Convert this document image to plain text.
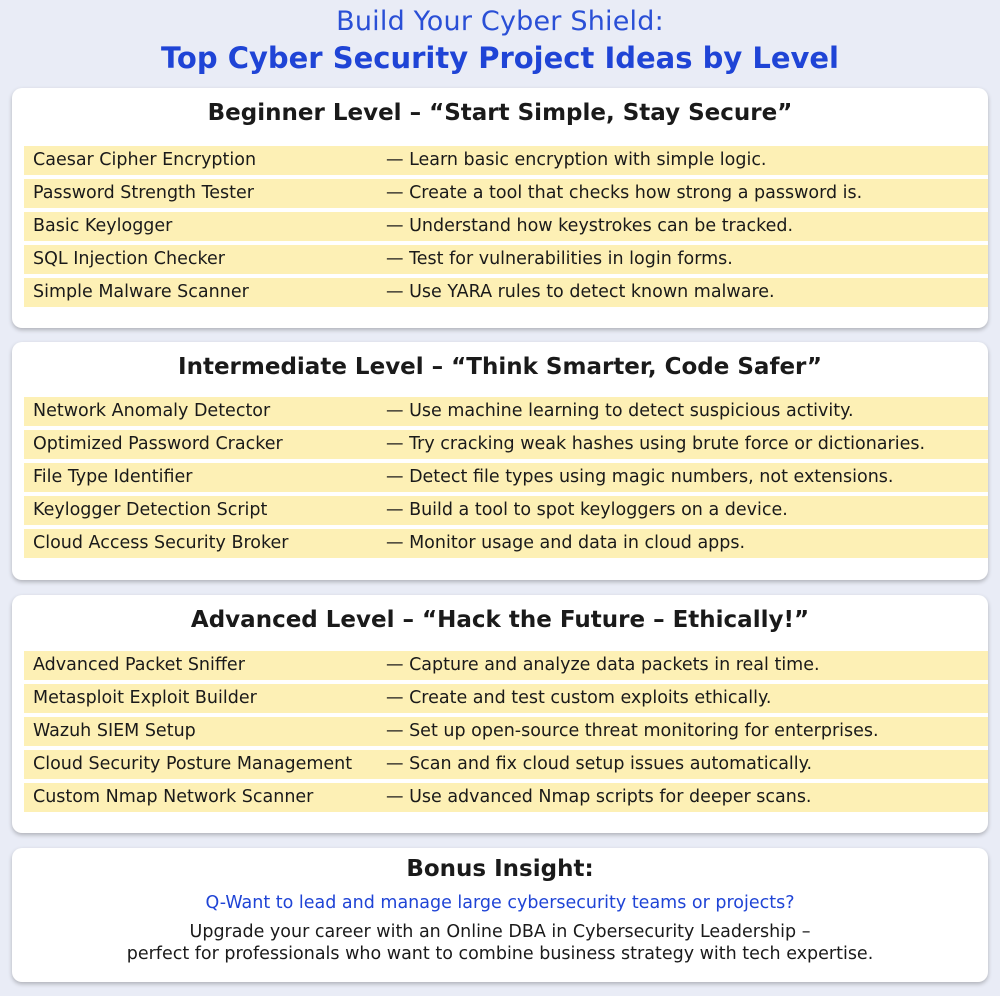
Build Your Cyber Shield:
Top Cyber Security Project Ideas by Level
Beginner Level – “Start Simple, Stay Secure”
Caesar Cipher Encryption	— Learn basic encryption with simple logic.
Password Strength Tester	— Create a tool that checks how strong a password is.
Basic Keylogger	— Understand how keystrokes can be tracked.
SQL Injection Checker	— Test for vulnerabilities in login forms.
Simple Malware Scanner	— Use YARA rules to detect known malware.
Intermediate Level – “Think Smarter, Code Safer”
Network Anomaly Detector	— Use machine learning to detect suspicious activity.
Optimized Password Cracker	— Try cracking weak hashes using brute force or dictionaries.
File Type Identifier	— Detect file types using magic numbers, not extensions.
Keylogger Detection Script	— Build a tool to spot keyloggers on a device.
Cloud Access Security Broker	— Monitor usage and data in cloud apps.
Advanced Level – “Hack the Future – Ethically!”
Advanced Packet Sniffer	— Capture and analyze data packets in real time.
Metasploit Exploit Builder	— Create and test custom exploits ethically.
Wazuh SIEM Setup	— Set up open-source threat monitoring for enterprises.
Cloud Security Posture Management — Scan and fix cloud setup issues automatically.
Custom Nmap Network Scanner	— Use advanced Nmap scripts for deeper scans.
Bonus Insight:
Q-Want to lead and manage large cybersecurity teams or projects?
Upgrade your career with an Online DBA in Cybersecurity Leadership –
perfect for professionals who want to combine business strategy with tech expertise.
